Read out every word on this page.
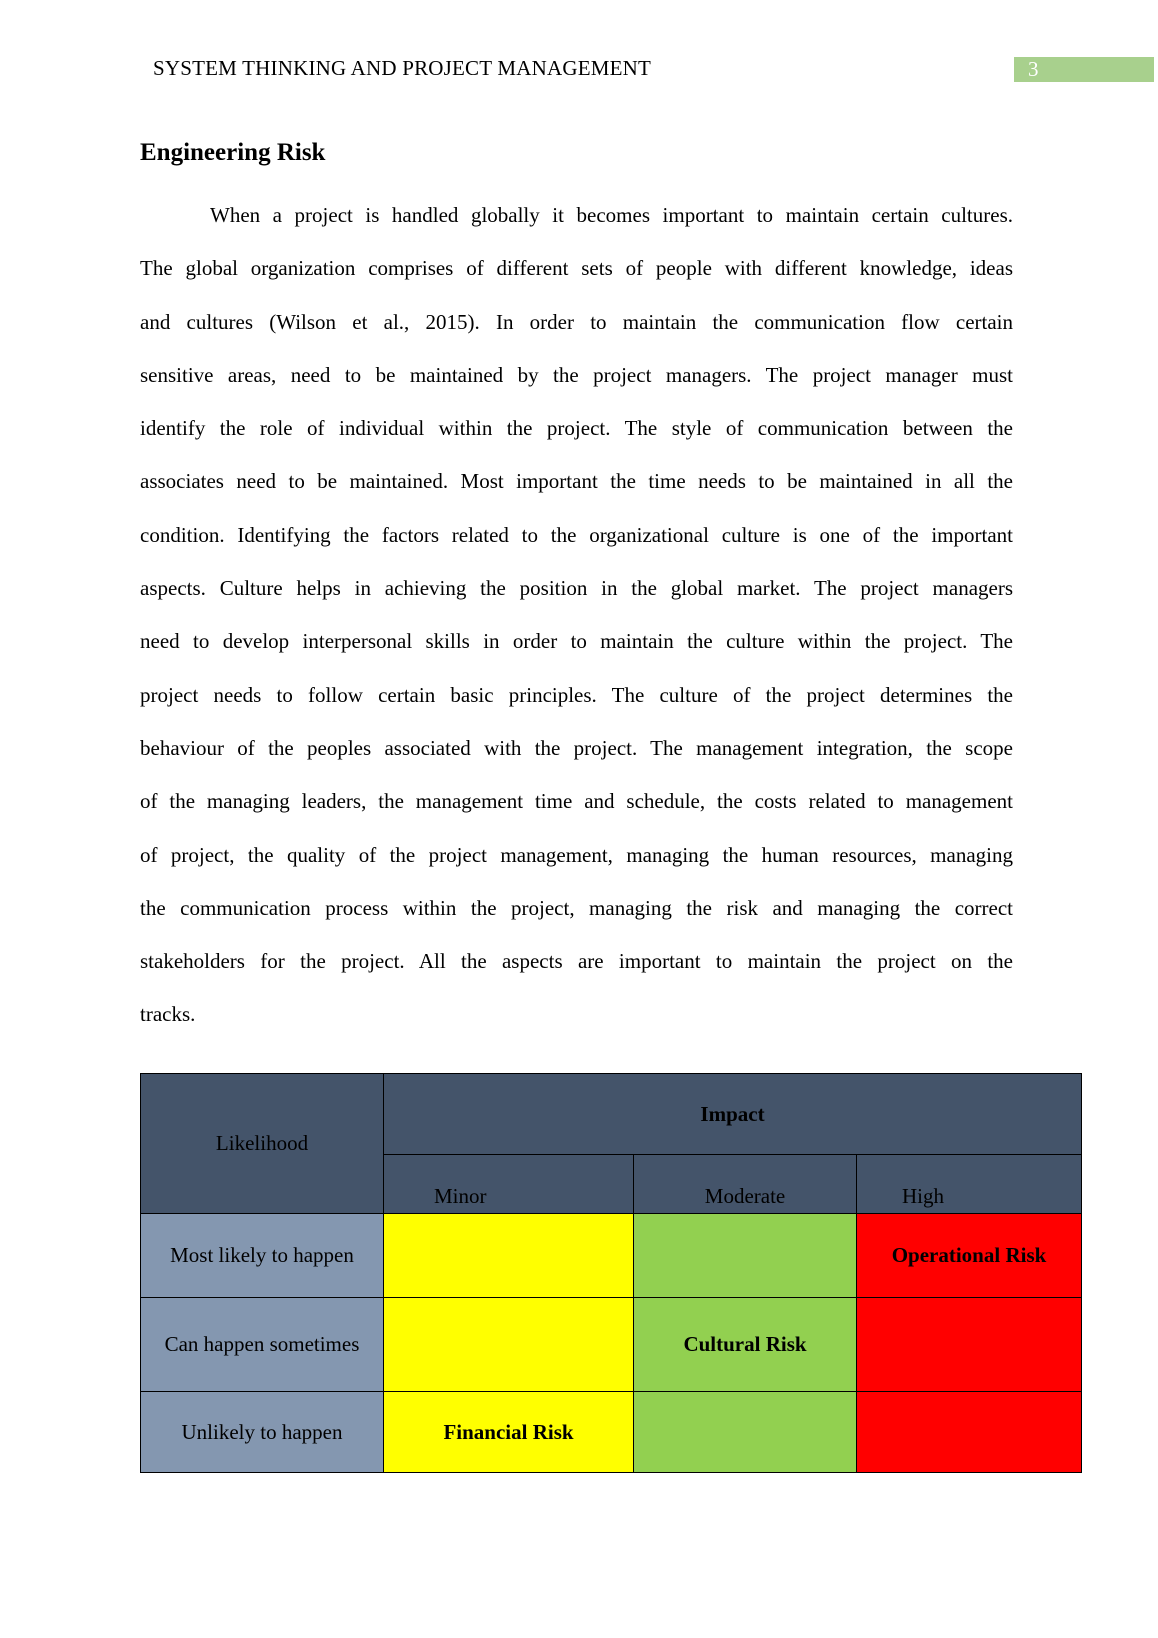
SYSTEM THINKING AND PROJECT MANAGEMENT	3
Engineering Risk
When a project is handled globally it becomes important to maintain certain cultures.
The global organization comprises of different sets of people with different knowledge, ideas
and cultures (Wilson et al., 2015). In order to maintain the communication flow certain
sensitive areas, need to be maintained by the project managers. The project manager must
identify the role of individual within the project. The style of communication between the
associates need to be maintained. Most important the time needs to be maintained in all the
condition. Identifying the factors related to the organizational culture is one of the important
aspects. Culture helps in achieving the position in the global market. The project managers
need to develop interpersonal skills in order to maintain the culture within the project. The
project needs to follow certain basic principles. The culture of the project determines the
behaviour of the peoples associated with the project. The management integration, the scope
of the managing leaders, the management time and schedule, the costs related to management
of project, the quality of the project management, managing the human resources, managing
the communication process within the project, managing the risk and managing the correct
stakeholders for the project. All the aspects are important to maintain the project on the
tracks.
Likelihood	Impact		
	Minor	Moderate	High
Most likely to happen			Operational Risk
Can happen sometimes		Cultural Risk	
Unlikely to happen	Financial Risk		
